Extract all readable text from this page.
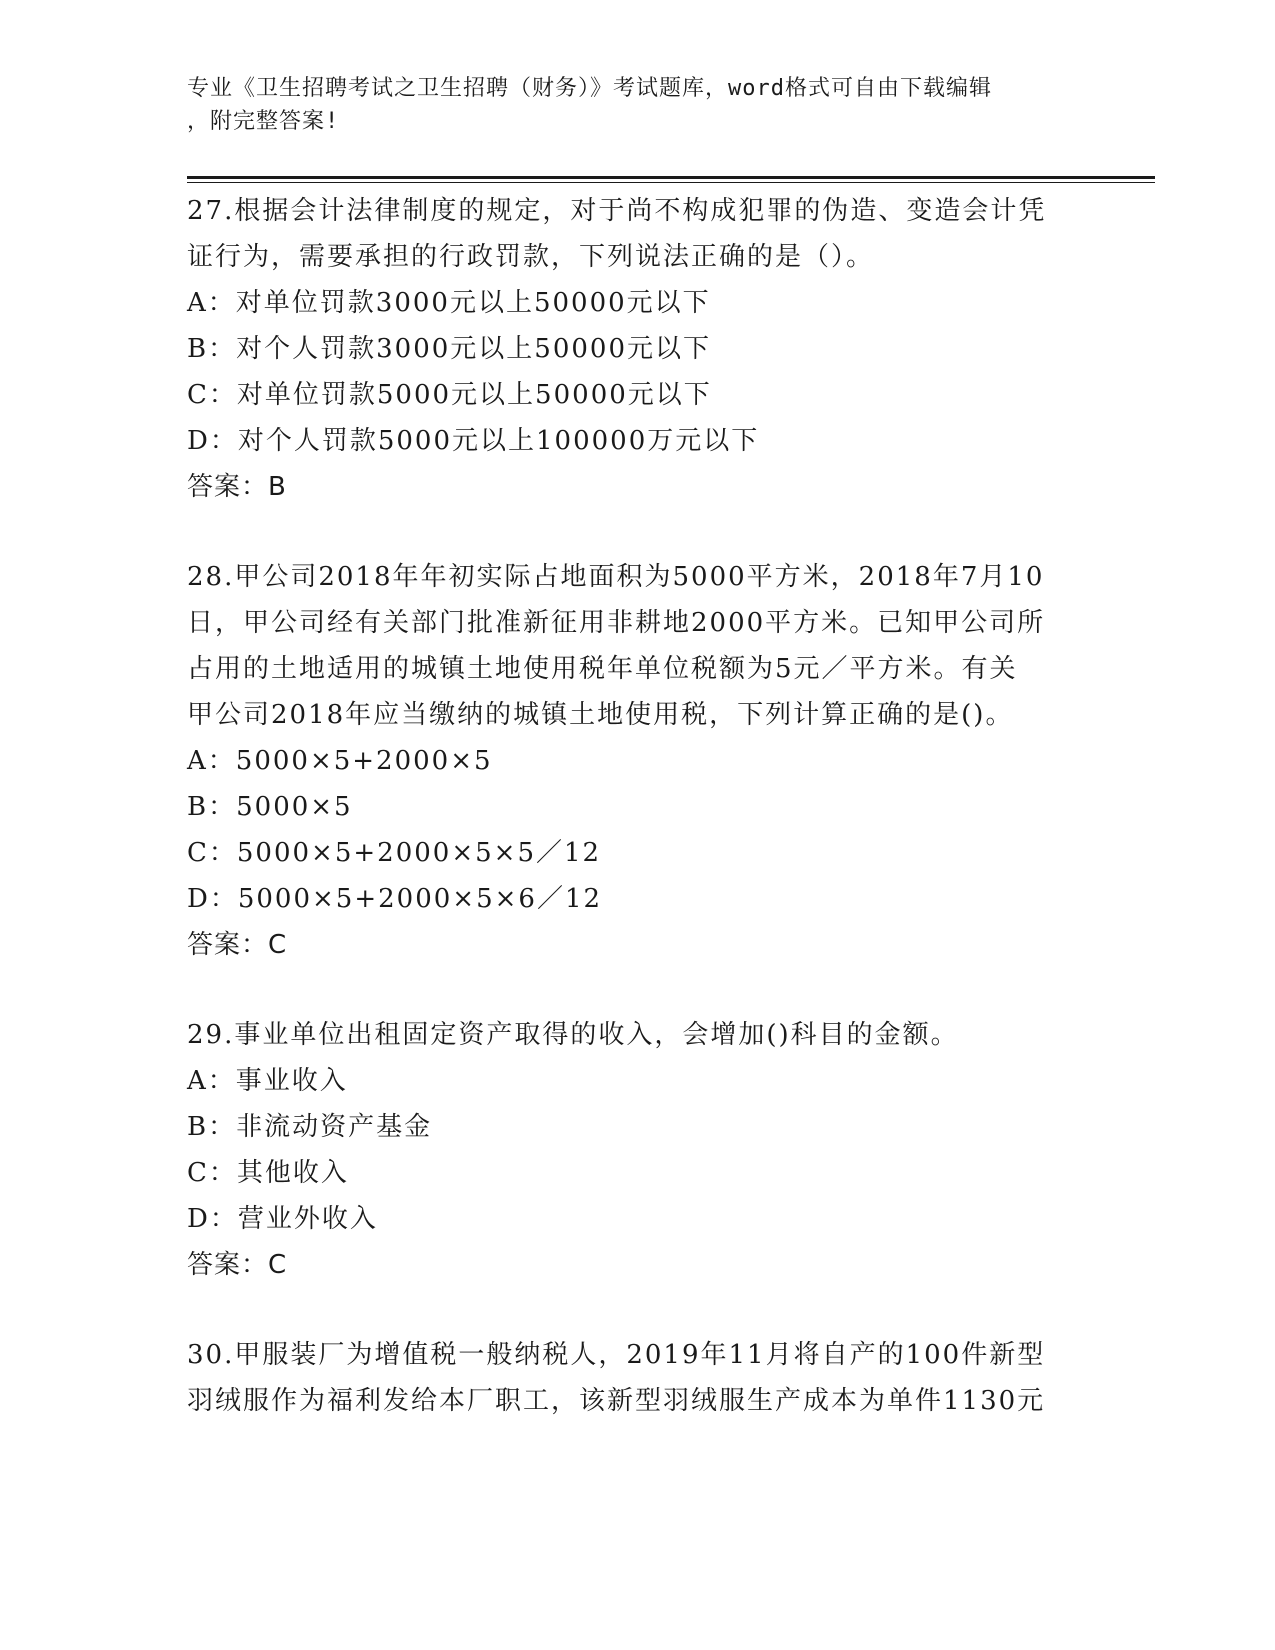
专业《卫生招聘考试之卫生招聘（财务）》考试题库，word格式可自由下载编辑
，附完整答案!
27.根据会计法律制度的规定，对于尚不构成犯罪的伪造、变造会计凭
证行为，需要承担的行政罚款，下列说法正确的是（）。
A：对单位罚款3000元以上50000元以下
B：对个人罚款3000元以上50000元以下
C：对单位罚款5000元以上50000元以下
D：对个人罚款5000元以上100000万元以下
答案：B
28.甲公司2018年年初实际占地面积为5000平方米，2018年7月10
日，甲公司经有关部门批准新征用非耕地2000平方米。已知甲公司所
占用的土地适用的城镇土地使用税年单位税额为5元／平方米。有关
甲公司2018年应当缴纳的城镇土地使用税，下列计算正确的是()。
A：5000×5+2000×5
B：5000×5
C：5000×5+2000×5×5／12
D：5000×5+2000×5×6／12
答案：C
29.事业单位出租固定资产取得的收入，会增加()科目的金额。
A：事业收入
B：非流动资产基金
C：其他收入
D：营业外收入
答案：C
30.甲服装厂为增值税一般纳税人，2019年11月将自产的100件新型
羽绒服作为福利发给本厂职工，该新型羽绒服生产成本为单件1130元
